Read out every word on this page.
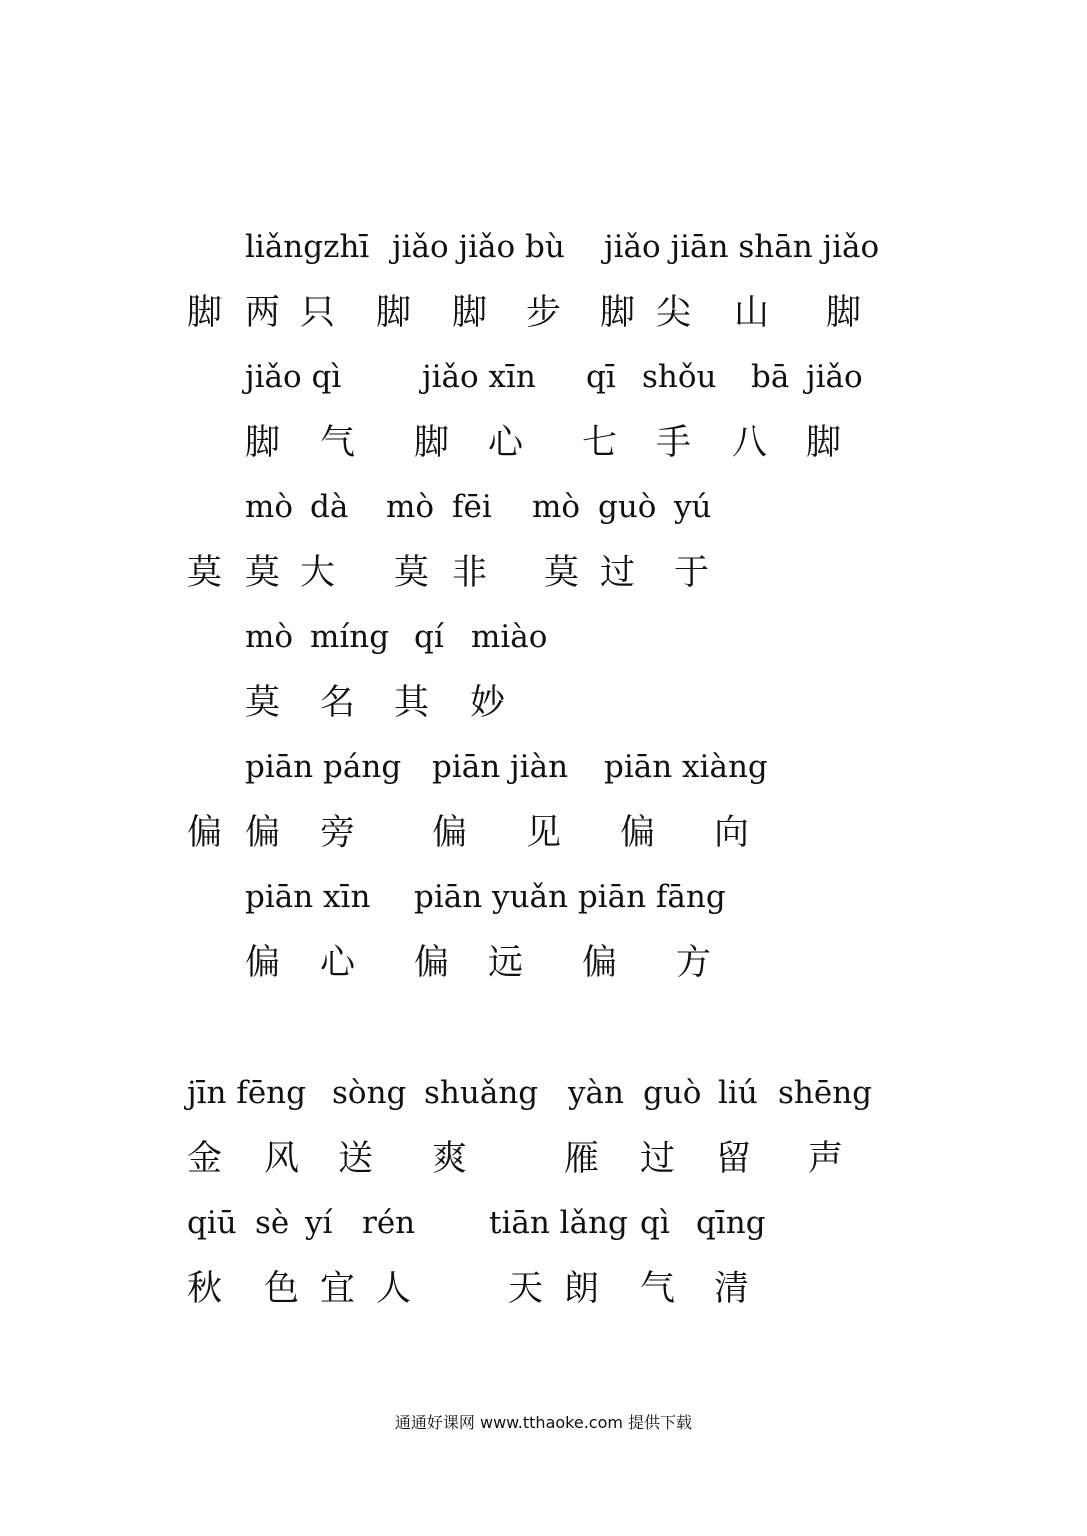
liǎngzhī jiǎo jiǎo bù jiǎo jiān shān jiǎo
脚 两 只 脚 脚 步 脚 尖 山 脚
jiǎo qì	jiǎo xīn qī shǒu bā jiǎo
脚 气 脚 心 七 手 八 脚
mò dà mò fēi mò guò yú
莫 莫 大 莫 非 莫 过 于
mò míng qí miào
莫 名 其 妙
piān páng piān jiàn piān xiàng
偏 偏 旁 偏 见 偏 向
piān xīn piān yuǎn piān fāng
偏 心 偏 远 偏 方
jīn fēng sòng shuǎng yàn guò liú shēng
金 风 送 爽	雁 过 留 声
qiū sè yí rén tiān lǎng qì qīng
秋 色 宜 人	天 朗 气 清
通通好课网 www.tthaoke.com 提供下载
